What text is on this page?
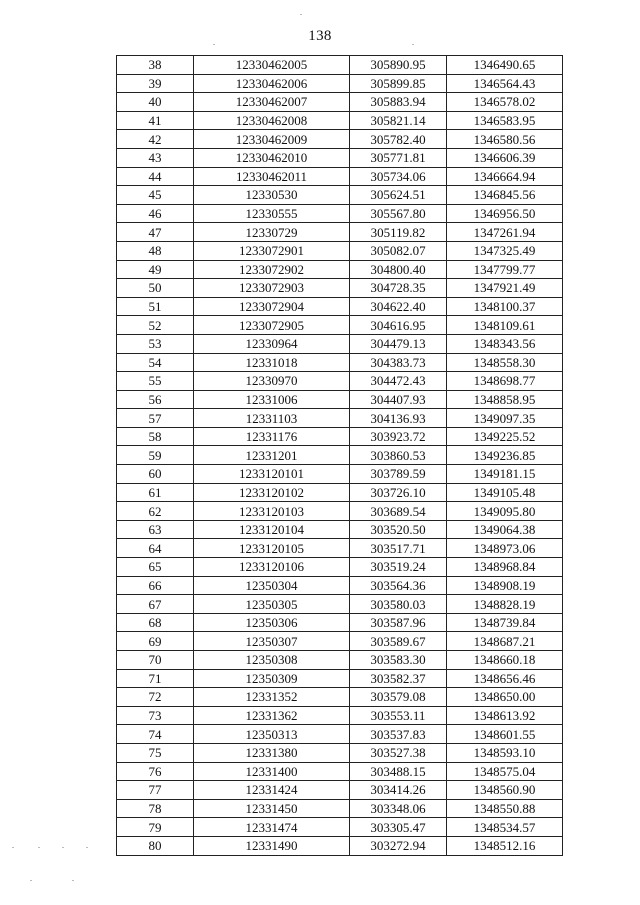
138
38	12330462005	305890.95	1346490.65
39	12330462006	305899.85	1346564.43
40	12330462007	305883.94	1346578.02
41	12330462008	305821.14	1346583.95
42	12330462009	305782.40	1346580.56
43	12330462010	305771.81	1346606.39
44	12330462011	305734.06	1346664.94
45	12330530	305624.51	1346845.56
46	12330555	305567.80	1346956.50
47	12330729	305119.82	1347261.94
48	1233072901	305082.07	1347325.49
49	1233072902	304800.40	1347799.77
50	1233072903	304728.35	1347921.49
51	1233072904	304622.40	1348100.37
52	1233072905	304616.95	1348109.61
53	12330964	304479.13	1348343.56
54	12331018	304383.73	1348558.30
55	12330970	304472.43	1348698.77
56	12331006	304407.93	1348858.95
57	12331103	304136.93	1349097.35
58	12331176	303923.72	1349225.52
59	12331201	303860.53	1349236.85
60	1233120101	303789.59	1349181.15
61	1233120102	303726.10	1349105.48
62	1233120103	303689.54	1349095.80
63	1233120104	303520.50	1349064.38
64	1233120105	303517.71	1348973.06
65	1233120106	303519.24	1348968.84
66	12350304	303564.36	1348908.19
67	12350305	303580.03	1348828.19
68	12350306	303587.96	1348739.84
69	12350307	303589.67	1348687.21
70	12350308	303583.30	1348660.18
71	12350309	303582.37	1348656.46
72	12331352	303579.08	1348650.00
73	12331362	303553.11	1348613.92
74	12350313	303537.83	1348601.55
75	12331380	303527.38	1348593.10
76	12331400	303488.15	1348575.04
77	12331424	303414.26	1348560.90
78	12331450	303348.06	1348550.88
79	12331474	303305.47	1348534.57
80	12331490	303272.94	1348512.16
